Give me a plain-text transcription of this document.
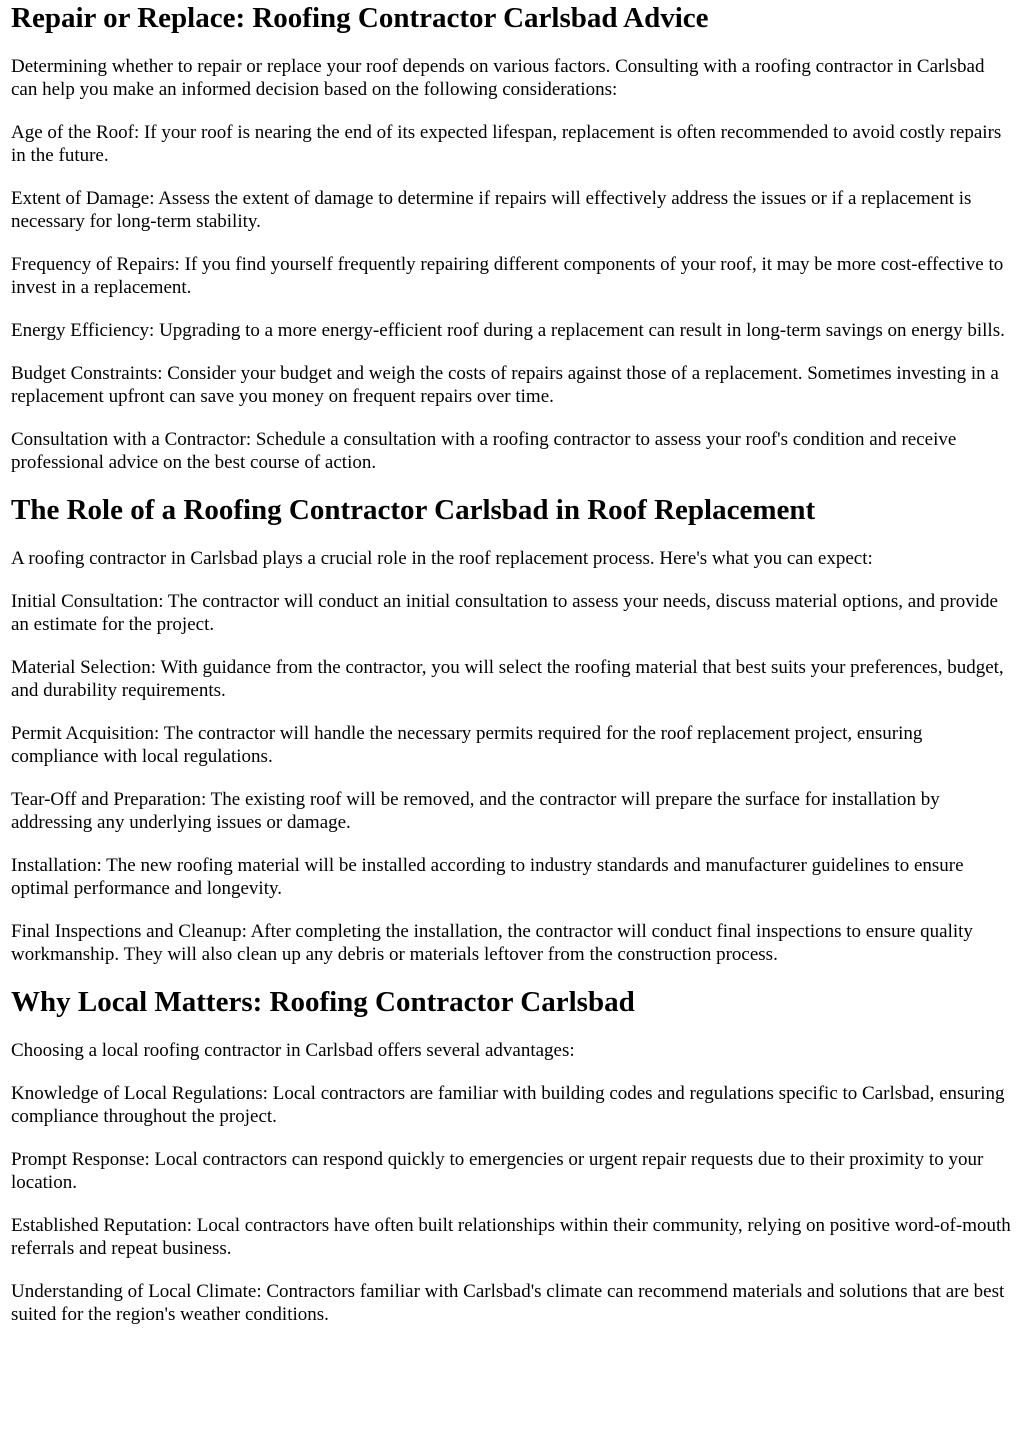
Repair or Replace: Roofing Contractor Carlsbad Advice

Determining whether to repair or replace your roof depends on various factors. Consulting with a roofing contractor in Carlsbad can help you make an informed decision based on the following considerations:

Age of the Roof: If your roof is nearing the end of its expected lifespan, replacement is often recommended to avoid costly repairs in the future.

Extent of Damage: Assess the extent of damage to determine if repairs will effectively address the issues or if a replacement is necessary for long-term stability.

Frequency of Repairs: If you find yourself frequently repairing different components of your roof, it may be more cost-effective to invest in a replacement.

Energy Efficiency: Upgrading to a more energy-efficient roof during a replacement can result in long-term savings on energy bills.

Budget Constraints: Consider your budget and weigh the costs of repairs against those of a replacement. Sometimes investing in a replacement upfront can save you money on frequent repairs over time.

Consultation with a Contractor: Schedule a consultation with a roofing contractor to assess your roof's condition and receive professional advice on the best course of action.

The Role of a Roofing Contractor Carlsbad in Roof Replacement

A roofing contractor in Carlsbad plays a crucial role in the roof replacement process. Here's what you can expect:

Initial Consultation: The contractor will conduct an initial consultation to assess your needs, discuss material options, and provide an estimate for the project.

Material Selection: With guidance from the contractor, you will select the roofing material that best suits your preferences, budget, and durability requirements.

Permit Acquisition: The contractor will handle the necessary permits required for the roof replacement project, ensuring compliance with local regulations.

Tear-Off and Preparation: The existing roof will be removed, and the contractor will prepare the surface for installation by addressing any underlying issues or damage.

Installation: The new roofing material will be installed according to industry standards and manufacturer guidelines to ensure optimal performance and longevity.

Final Inspections and Cleanup: After completing the installation, the contractor will conduct final inspections to ensure quality workmanship. They will also clean up any debris or materials leftover from the construction process.

Why Local Matters: Roofing Contractor Carlsbad

Choosing a local roofing contractor in Carlsbad offers several advantages:

Knowledge of Local Regulations: Local contractors are familiar with building codes and regulations specific to Carlsbad, ensuring compliance throughout the project.

Prompt Response: Local contractors can respond quickly to emergencies or urgent repair requests due to their proximity to your location.

Established Reputation: Local contractors have often built relationships within their community, relying on positive word-of-mouth referrals and repeat business.

Understanding of Local Climate: Contractors familiar with Carlsbad's climate can recommend materials and solutions that are best suited for the region's weather conditions.
